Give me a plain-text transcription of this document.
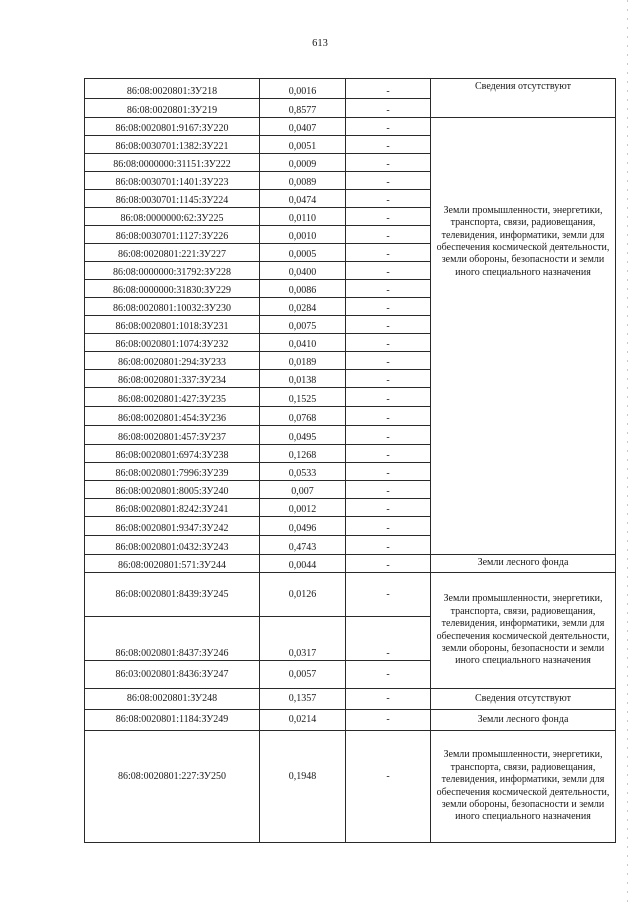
613
86:08:0020801:ЗУ218	0,0016	-	Сведения отсутствуют
86:08:0020801:ЗУ219	0,8577	-	
86:08:0020801:9167:ЗУ220	0,0407	-	Земли промышленности, энергетики, транспорта, связи, радиовещания, телевидения, информатики, земли для обеспечения космической деятельности, земли обороны, безопасности и земли иного специального назначения
86:08:0030701:1382:ЗУ221	0,0051	-	
86:08:0000000:31151:ЗУ222	0,0009	-	
86:08:0030701:1401:ЗУ223	0,0089	-	
86:08:0030701:1145:ЗУ224	0,0474	-	
86:08:0000000:62:ЗУ225	0,0110	-	
86:08:0030701:1127:ЗУ226	0,0010	-	
86:08:0020801:221:ЗУ227	0,0005	-	
86:08:0000000:31792:ЗУ228	0,0400	-	
86:08:0000000:31830:ЗУ229	0,0086	-	
86:08:0020801:10032:ЗУ230	0,0284	-	
86:08:0020801:1018:ЗУ231	0,0075	-	
86:08:0020801:1074:ЗУ232	0,0410	-	
86:08:0020801:294:ЗУ233	0,0189	-	
86:08:0020801:337:ЗУ234	0,0138	-	
86:08:0020801:427:ЗУ235	0,1525	-	
86:08:0020801:454:ЗУ236	0,0768	-	
86:08:0020801:457:ЗУ237	0,0495	-	
86:08:0020801:6974:ЗУ238	0,1268	-	
86:08:0020801:7996:ЗУ239	0,0533	-	
86:08:0020801:8005:ЗУ240	0,007	-	
86:08:0020801:8242:ЗУ241	0,0012	-	
86:08:0020801:9347:ЗУ242	0,0496	-	
86:08:0020801:0432:ЗУ243	0,4743	-	
86:08:0020801:571:ЗУ244	0,0044	-	Земли лесного фонда
86:08:0020801:8439:ЗУ245	0,0126	-	Земли промышленности, энергетики, транспорта, связи, радиовещания, телевидения, информатики, земли для обеспечения космической деятельности, земли обороны, безопасности и земли иного специального назначения
86:08:0020801:8437:ЗУ246	0,0317	-	
86:03:0020801:8436:ЗУ247	0,0057	-	
86:08:0020801:ЗУ248	0,1357	-	Сведения отсутствуют
86:08:0020801:1184:ЗУ249	0,0214	-	Земли лесного фонда
86:08:0020801:227:ЗУ250	0,1948	-	Земли промышленности, энергетики, транспорта, связи, радиовещания, телевидения, информатики, земли для обеспечения космической деятельности, земли обороны, безопасности и земли иного специального назначения
